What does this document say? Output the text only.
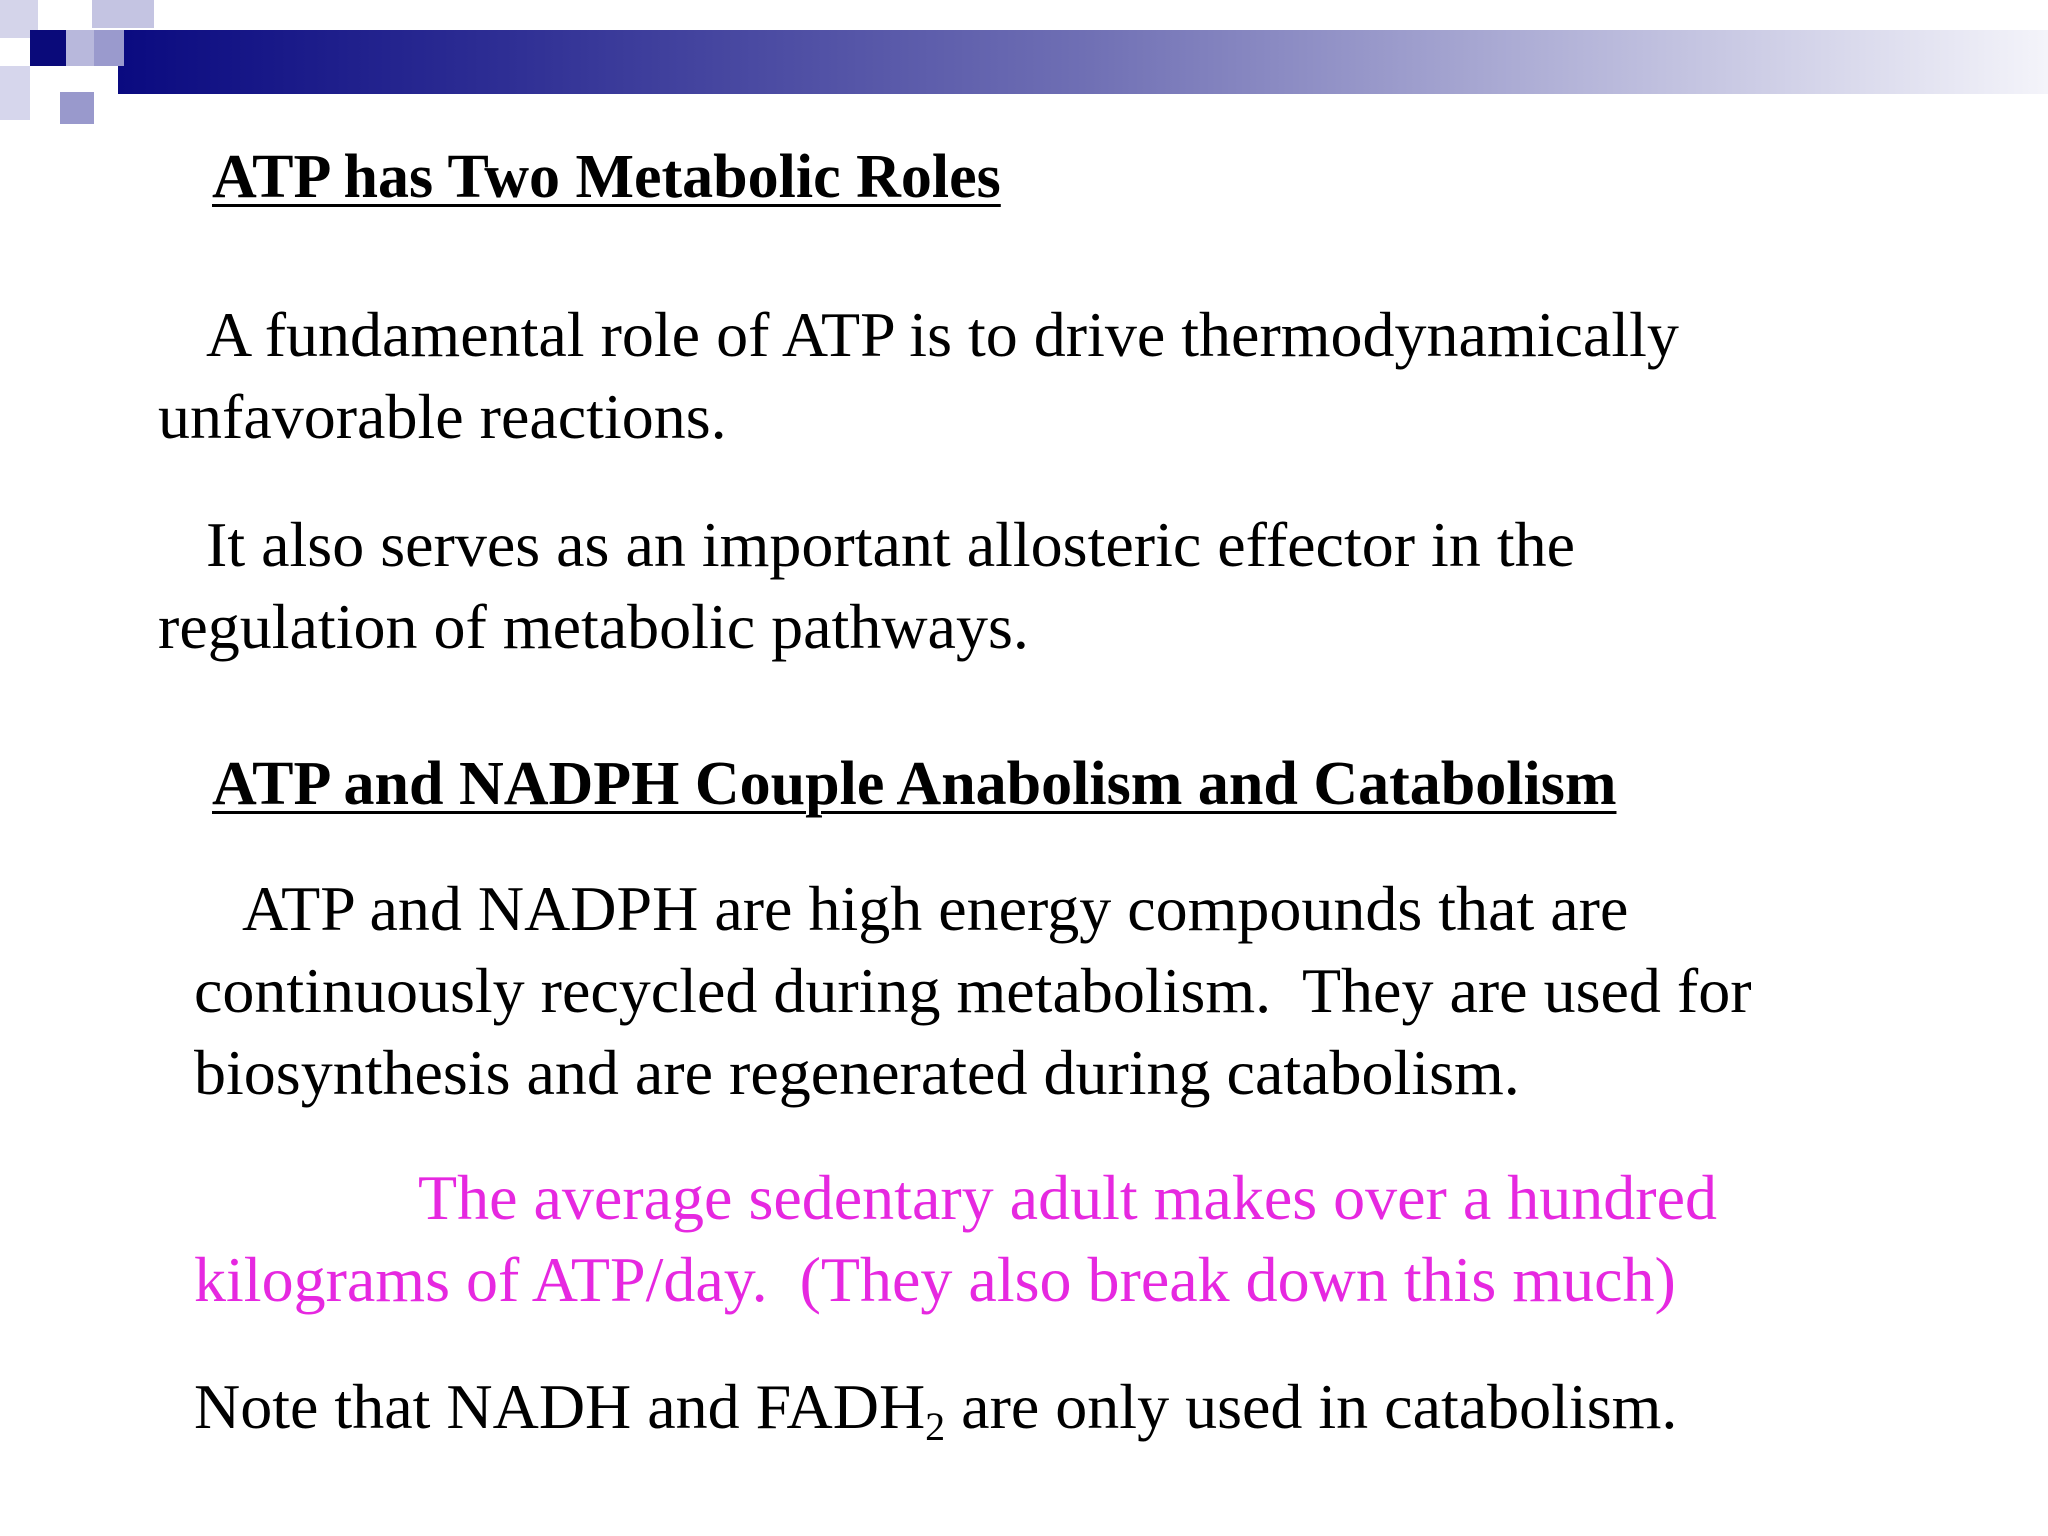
ATP has Two Metabolic Roles
A fundamental role of ATP is to drive thermodynamically
unfavorable reactions.
It also serves as an important allosteric effector in the
regulation of metabolic pathways.
ATP and NADPH Couple Anabolism and Catabolism
ATP and NADPH are high energy compounds that are
continuously recycled during metabolism.  They are used for
biosynthesis and are regenerated during catabolism.
The average sedentary adult makes over a hundred
kilograms of ATP/day.  (They also break down this much)
Note that NADH and $FADH_2$ are only used in catabolism.
